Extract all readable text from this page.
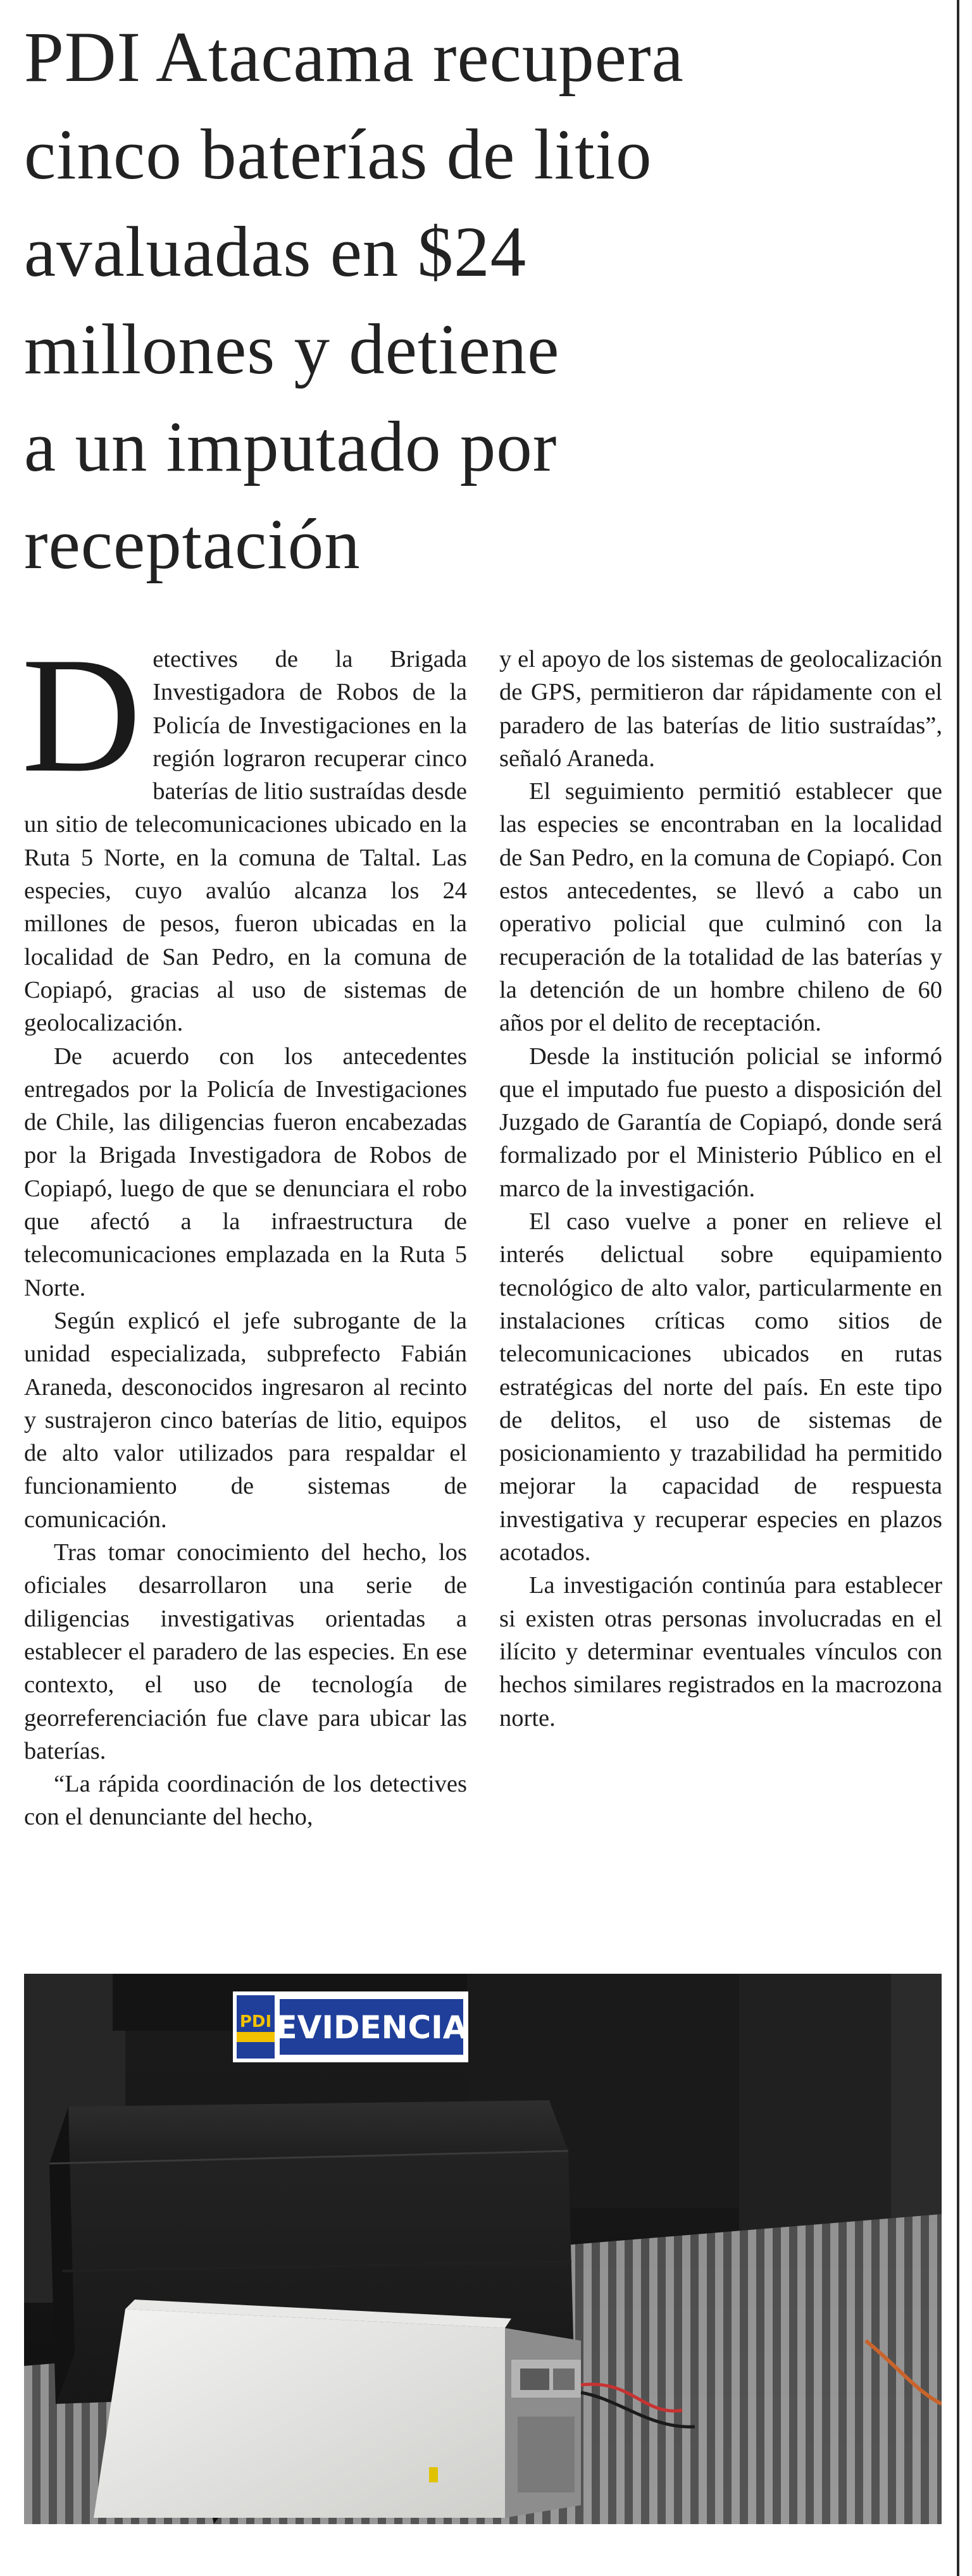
PDI Atacama recupera
cinco baterías de litio
avaluadas en $24
millones y detiene
a un imputado por
receptación

Detectives de la Brigada Investigadora de Robos de la Policía de Investigaciones en la región lograron recuperar cinco baterías de litio sustraídas desde un sitio de telecomunicaciones ubicado en la Ruta 5 Norte, en la comuna de Taltal. Las especies, cuyo avalúo alcanza los 24 millones de pesos, fueron ubicadas en la localidad de San Pedro, en la comuna de Copiapó, gracias al uso de sistemas de geolocalización.

De acuerdo con los antecedentes entregados por la Policía de Investigaciones de Chile, las diligencias fueron encabezadas por la Brigada Investigadora de Robos de Copiapó, luego de que se denunciara el robo que afectó a la infraestructura de telecomunicaciones emplazada en la Ruta 5 Norte.

Según explicó el jefe subrogante de la unidad especializada, subprefecto Fabián Araneda, desconocidos ingresaron al recinto y sustrajeron cinco baterías de litio, equipos de alto valor utilizados para respaldar el funcionamiento de sistemas de comunicación.

Tras tomar conocimiento del hecho, los oficiales desarrollaron una serie de diligencias investigativas orientadas a establecer el paradero de las especies. En ese contexto, el uso de tecnología de georreferenciación fue clave para ubicar las baterías.

“La rápida coordinación de los detectives con el denunciante del hecho,

y el apoyo de los sistemas de geolocalización de GPS, permitieron dar rápidamente con el paradero de las baterías de litio sustraídas”, señaló Araneda.

El seguimiento permitió establecer que las especies se encontraban en la localidad de San Pedro, en la comuna de Copiapó. Con estos antecedentes, se llevó a cabo un operativo policial que culminó con la recuperación de la totalidad de las baterías y la detención de un hombre chileno de 60 años por el delito de receptación.

Desde la institución policial se informó que el imputado fue puesto a disposición del Juzgado de Garantía de Copiapó, donde será formalizado por el Ministerio Público en el marco de la investigación.

El caso vuelve a poner en relieve el interés delictual sobre equipamiento tecnológico de alto valor, particularmente en instalaciones críticas como sitios de telecomunicaciones ubicados en rutas estratégicas del norte del país. En este tipo de delitos, el uso de sistemas de posicionamiento y trazabilidad ha permitido mejorar la capacidad de respuesta investigativa y recuperar especies en plazos acotados.

La investigación continúa para establecer si existen otras personas involucradas en el ilícito y determinar eventuales vínculos con hechos similares registrados en la macrozona norte.

PDI EVIDENCIA
